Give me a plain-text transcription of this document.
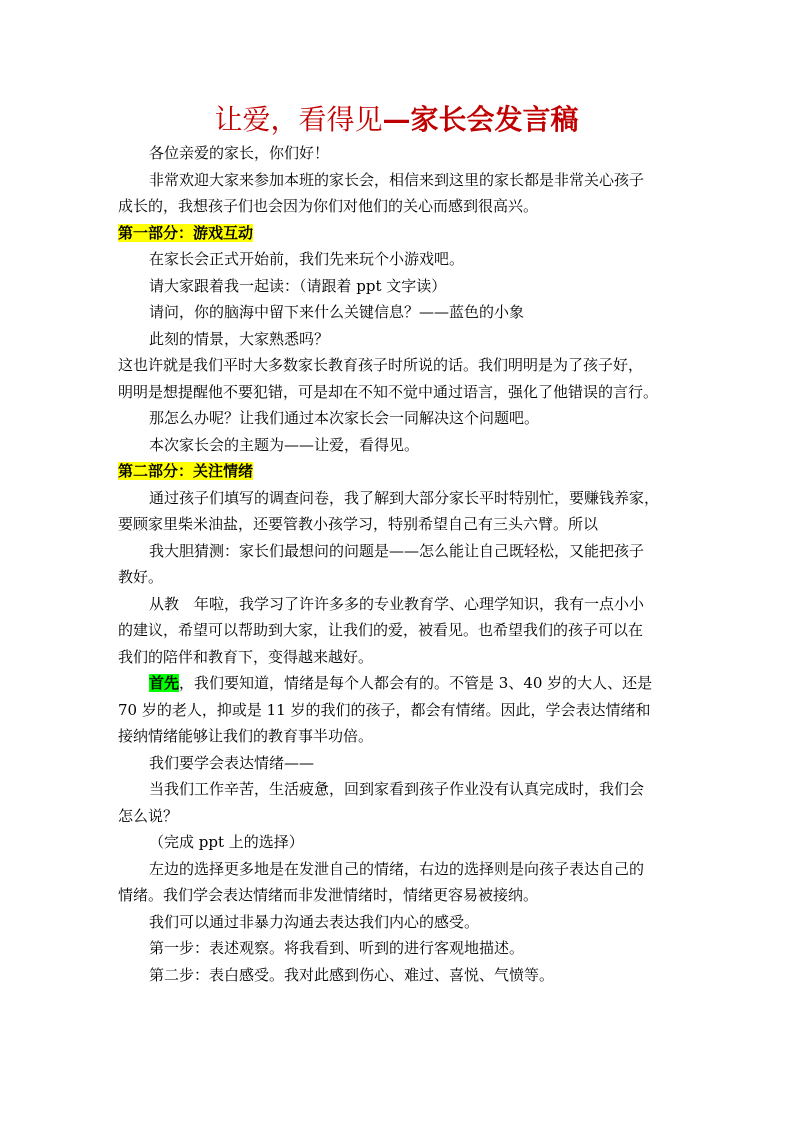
让爱，看得见—家长会发言稿

各位亲爱的家长，你们好！

非常欢迎大家来参加本班的家长会，相信来到这里的家长都是非常关心孩子

成长的，我想孩子们也会因为你们对他们的关心而感到很高兴。

第一部分：游戏互动

在家长会正式开始前，我们先来玩个小游戏吧。

请大家跟着我一起读：（请跟着 ppt 文字读）

请问，你的脑海中留下来什么关键信息？——蓝色的小象

此刻的情景，大家熟悉吗？

这也许就是我们平时大多数家长教育孩子时所说的话。我们明明是为了孩子好，

明明是想提醒他不要犯错，可是却在不知不觉中通过语言，强化了他错误的言行。

那怎么办呢？让我们通过本次家长会一同解决这个问题吧。

本次家长会的主题为——让爱，看得见。

第二部分：关注情绪

通过孩子们填写的调查问卷，我了解到大部分家长平时特别忙，要赚钱养家，

要顾家里柴米油盐，还要管教小孩学习，特别希望自己有三头六臂。所以

我大胆猜测：家长们最想问的问题是——怎么能让自己既轻松，又能把孩子

教好。

从教　年啦，我学习了许许多多的专业教育学、心理学知识，我有一点小小

的建议，希望可以帮助到大家，让我们的爱，被看见。也希望我们的孩子可以在

我们的陪伴和教育下，变得越来越好。

首先，我们要知道，情绪是每个人都会有的。不管是 3、40 岁的大人、还是

70 岁的老人，抑或是 11 岁的我们的孩子，都会有情绪。因此，学会表达情绪和

接纳情绪能够让我们的教育事半功倍。

我们要学会表达情绪——

当我们工作辛苦，生活疲惫，回到家看到孩子作业没有认真完成时，我们会

怎么说？

（完成 ppt 上的选择）

左边的选择更多地是在发泄自己的情绪，右边的选择则是向孩子表达自己的

情绪。我们学会表达情绪而非发泄情绪时，情绪更容易被接纳。

我们可以通过非暴力沟通去表达我们内心的感受。

第一步：表述观察。将我看到、听到的进行客观地描述。

第二步：表白感受。我对此感到伤心、难过、喜悦、气愤等。
